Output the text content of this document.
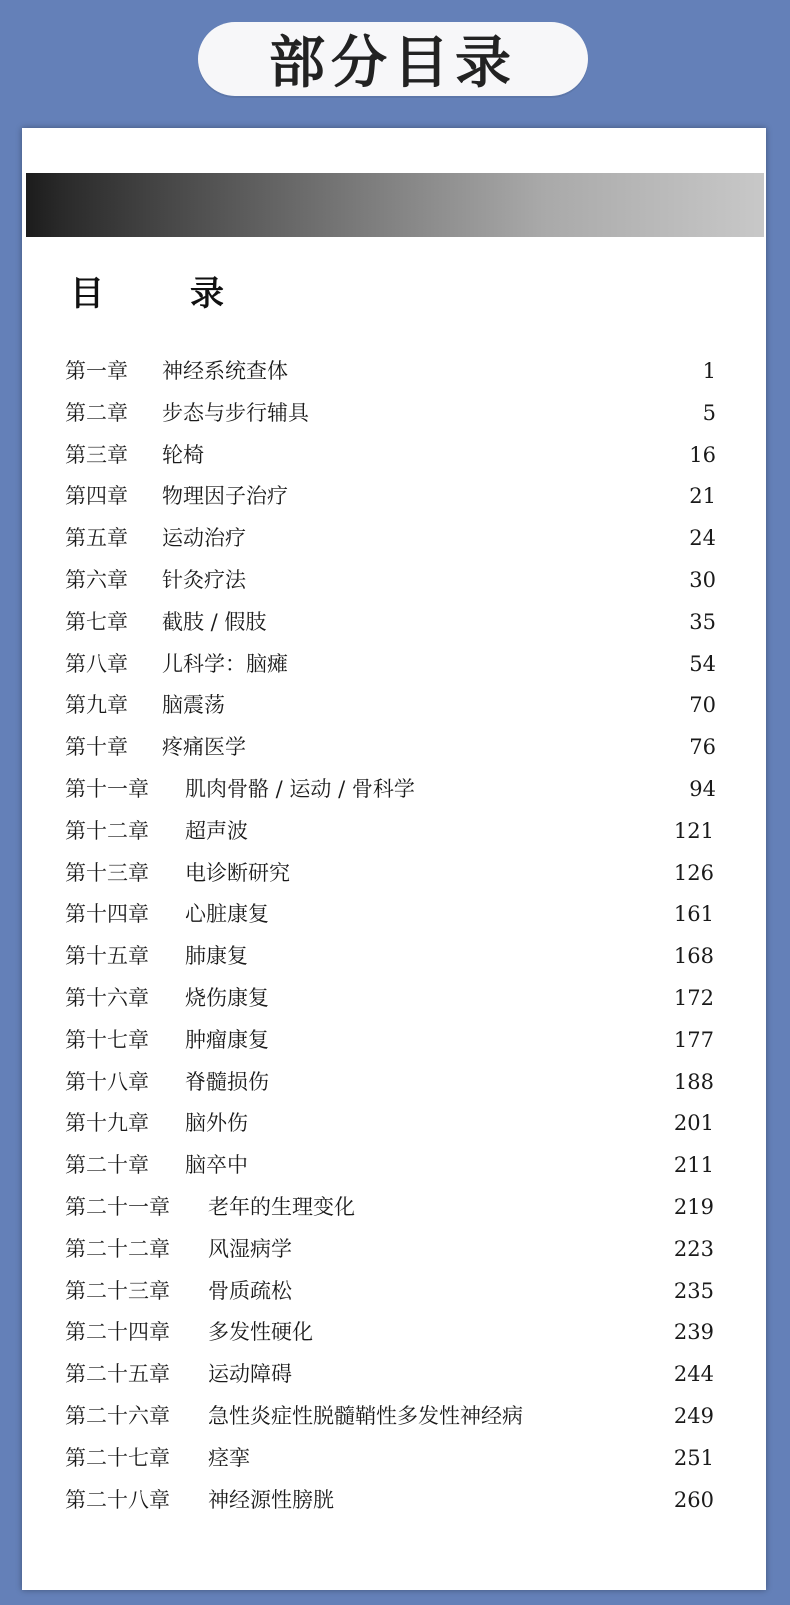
部分目录
目	录
第一章 神经系统查体	1
第二章 步态与步行辅具	5
第三章 轮椅	16
第四章 物理因子治疗	21
第五章 运动治疗	24
第六章 针灸疗法	30
第七章 截肢 / 假肢	35
第八章 儿科学：脑瘫	54
第九章 脑震荡	70
第十章 疼痛医学	76
第十一章 肌肉骨骼 / 运动 / 骨科学	94
第十二章 超声波	121
第十三章 电诊断研究	126
第十四章 心脏康复	161
第十五章 肺康复	168
第十六章 烧伤康复	172
第十七章 肿瘤康复	177
第十八章 脊髓损伤	188
第十九章 脑外伤	201
第二十章 脑卒中	211
第二十一章 老年的生理变化	219
第二十二章 风湿病学	223
第二十三章 骨质疏松	235
第二十四章 多发性硬化	239
第二十五章 运动障碍	244
第二十六章 急性炎症性脱髓鞘性多发性神经病	249
第二十七章 痉挛	251
第二十八章 神经源性膀胱	260
